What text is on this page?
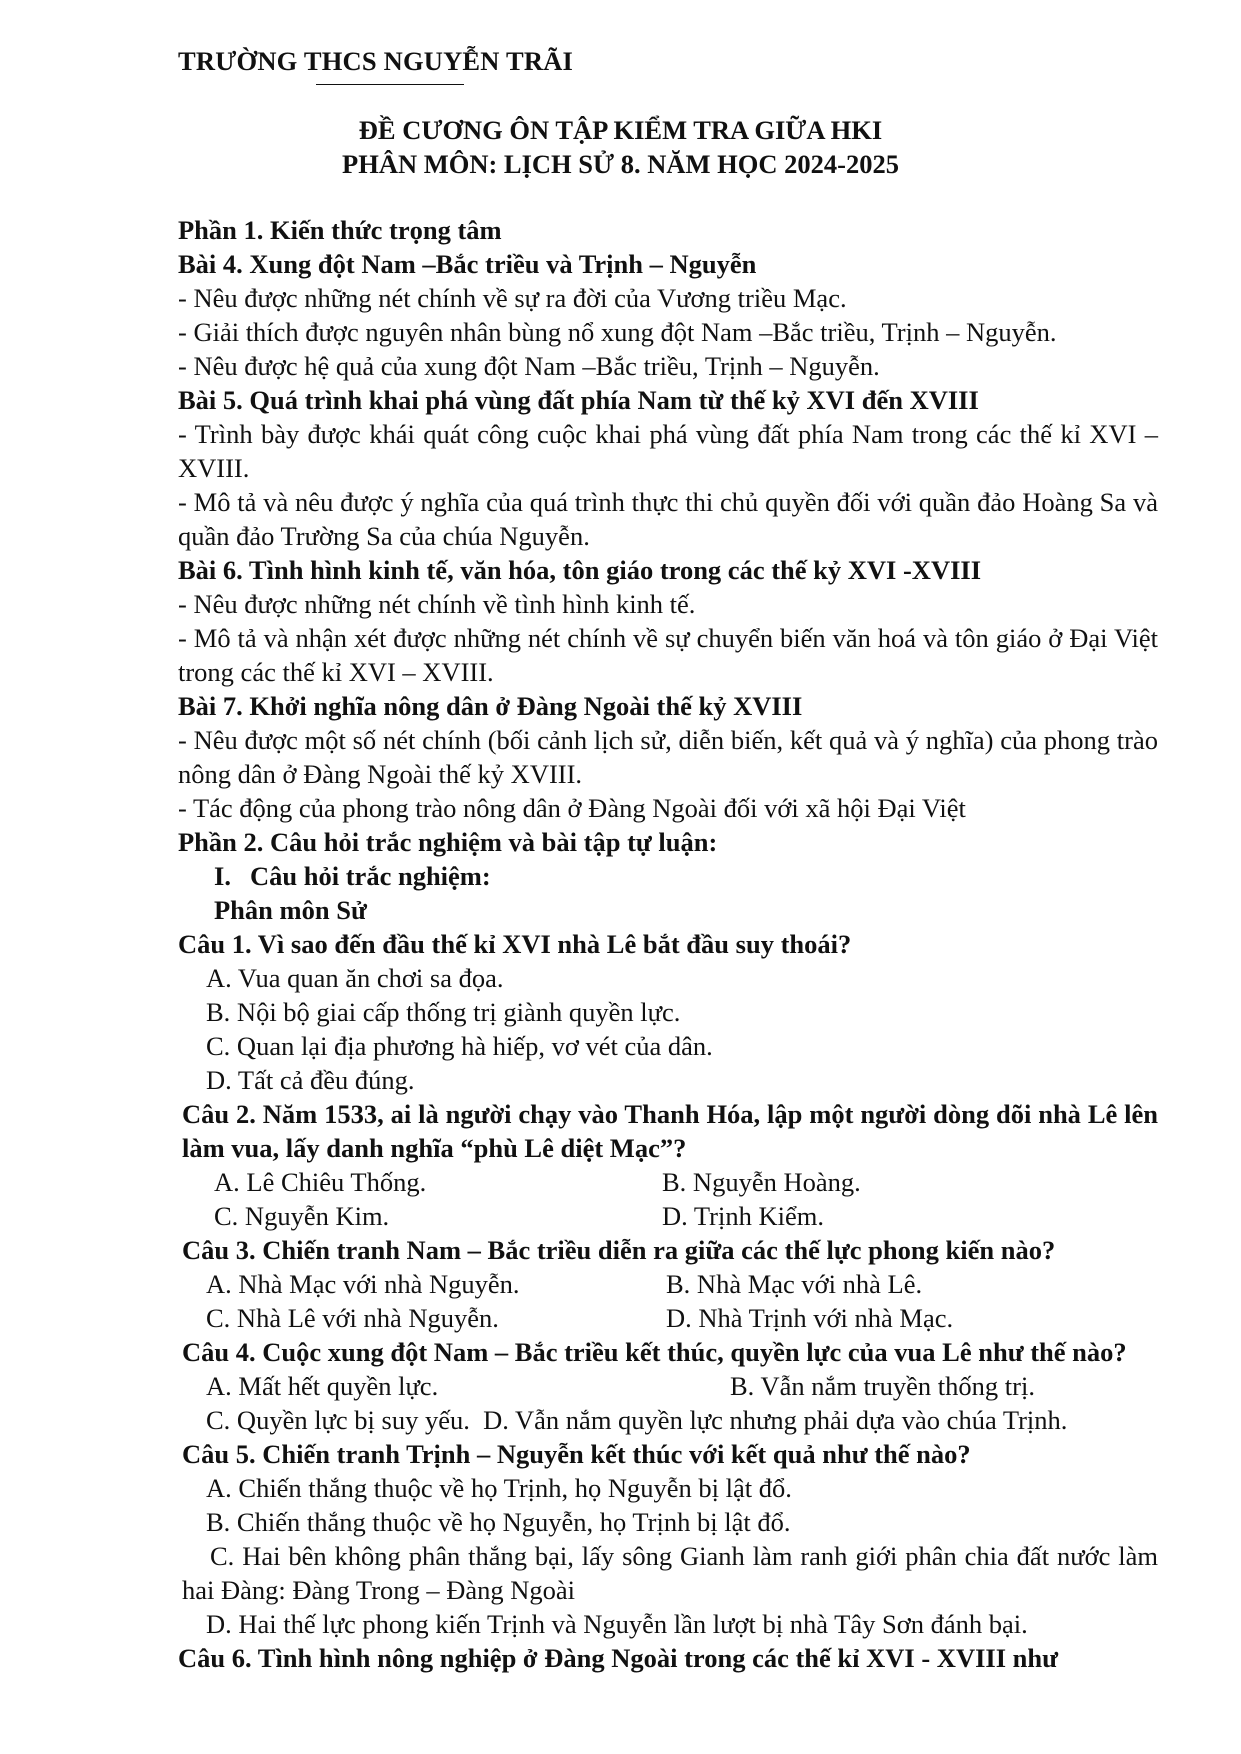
TRƯỜNG THCS NGUYỄN TRÃI
ĐỀ CƯƠNG ÔN TẬP KIỂM TRA GIỮA HKI
PHÂN MÔN: LỊCH SỬ 8. NĂM HỌC 2024-2025
Phần 1. Kiến thức trọng tâm
Bài 4. Xung đột Nam –Bắc triều và Trịnh – Nguyễn
- Nêu được những nét chính về sự ra đời của Vương triều Mạc.
- Giải thích được nguyên nhân bùng nổ xung đột Nam –Bắc triều, Trịnh – Nguyễn.
- Nêu được hệ quả của xung đột Nam –Bắc triều, Trịnh – Nguyễn.
Bài 5. Quá trình khai phá vùng đất phía Nam từ thế kỷ XVI đến XVIII
- Trình bày được khái quát công cuộc khai phá vùng đất phía Nam trong các thế kỉ XVI – XVIII.
- Mô tả và nêu được ý nghĩa của quá trình thực thi chủ quyền đối với quần đảo Hoàng Sa và quần đảo Trường Sa của chúa Nguyễn.
Bài 6. Tình hình kinh tế, văn hóa, tôn giáo trong các thế kỷ XVI -XVIII
- Nêu được những nét chính về tình hình kinh tế.
- Mô tả và nhận xét được những nét chính về sự chuyển biến văn hoá và tôn giáo ở Đại Việt trong các thế kỉ XVI – XVIII.
Bài 7. Khởi nghĩa nông dân ở Đàng Ngoài thế kỷ XVIII
- Nêu được một số nét chính (bối cảnh lịch sử, diễn biến, kết quả và ý nghĩa) của phong trào nông dân ở Đàng Ngoài thế kỷ XVIII.
- Tác động của phong trào nông dân ở Đàng Ngoài đối với xã hội Đại Việt
Phần 2. Câu hỏi trắc nghiệm và bài tập tự luận:
I. Câu hỏi trắc nghiệm:
Phân môn Sử
Câu 1. Vì sao đến đầu thế kỉ XVI nhà Lê bắt đầu suy thoái?
A. Vua quan ăn chơi sa đọa.
B. Nội bộ giai cấp thống trị giành quyền lực.
C. Quan lại địa phương hà hiếp, vơ vét của dân.
D. Tất cả đều đúng.
Câu 2. Năm 1533, ai là người chạy vào Thanh Hóa, lập một người dòng dõi nhà Lê lên làm vua, lấy danh nghĩa “phù Lê diệt Mạc”?
A. Lê Chiêu Thống.	B. Nguyễn Hoàng.
C. Nguyễn Kim.	D. Trịnh Kiểm.
Câu 3. Chiến tranh Nam – Bắc triều diễn ra giữa các thế lực phong kiến nào?
A. Nhà Mạc với nhà Nguyễn.	B. Nhà Mạc với nhà Lê.
C. Nhà Lê với nhà Nguyễn.	D. Nhà Trịnh với nhà Mạc.
Câu 4. Cuộc xung đột Nam – Bắc triều kết thúc, quyền lực của vua Lê như thế nào?
A. Mất hết quyền lực.	B. Vẫn nắm truyền thống trị.
C. Quyền lực bị suy yếu. D. Vẫn nắm quyền lực nhưng phải dựa vào chúa Trịnh.
Câu 5. Chiến tranh Trịnh – Nguyễn kết thúc với kết quả như thế nào?
A. Chiến thắng thuộc về họ Trịnh, họ Nguyễn bị lật đổ.
B. Chiến thắng thuộc về họ Nguyễn, họ Trịnh bị lật đổ.
C. Hai bên không phân thắng bại, lấy sông Gianh làm ranh giới phân chia đất nước làm hai Đàng: Đàng Trong – Đàng Ngoài
D. Hai thế lực phong kiến Trịnh và Nguyễn lần lượt bị nhà Tây Sơn đánh bại.
Câu 6. Tình hình nông nghiệp ở Đàng Ngoài trong các thế kỉ XVI - XVIII như
